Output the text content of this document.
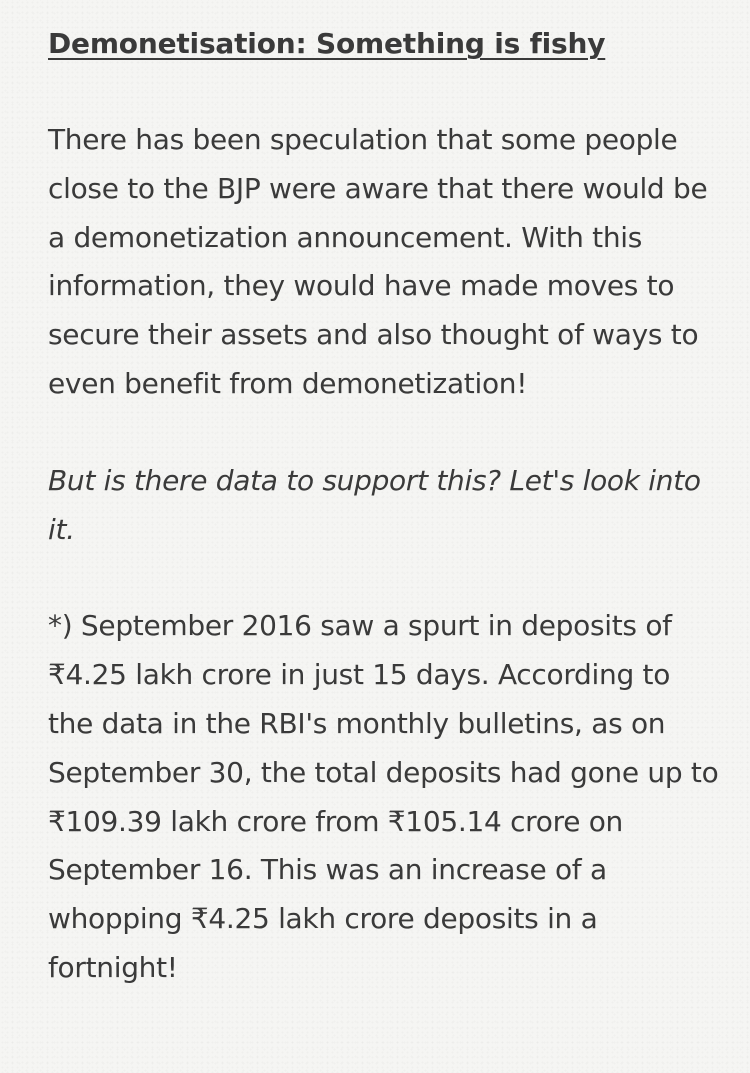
Demonetisation: Something is fishy

There has been speculation that some people close to the BJP were aware that there would be a demonetization announcement. With this information, they would have made moves to secure their assets and also thought of ways to even benefit from demonetization!

But is there data to support this? Let's look into it.

*) September 2016 saw a spurt in deposits of ₹4.25 lakh crore in just 15 days. According to the data in the RBI's monthly bulletins, as on September 30, the total deposits had gone up to ₹109.39 lakh crore from ₹105.14 crore on September 16. This was an increase of a whopping ₹4.25 lakh crore deposits in a fortnight!
